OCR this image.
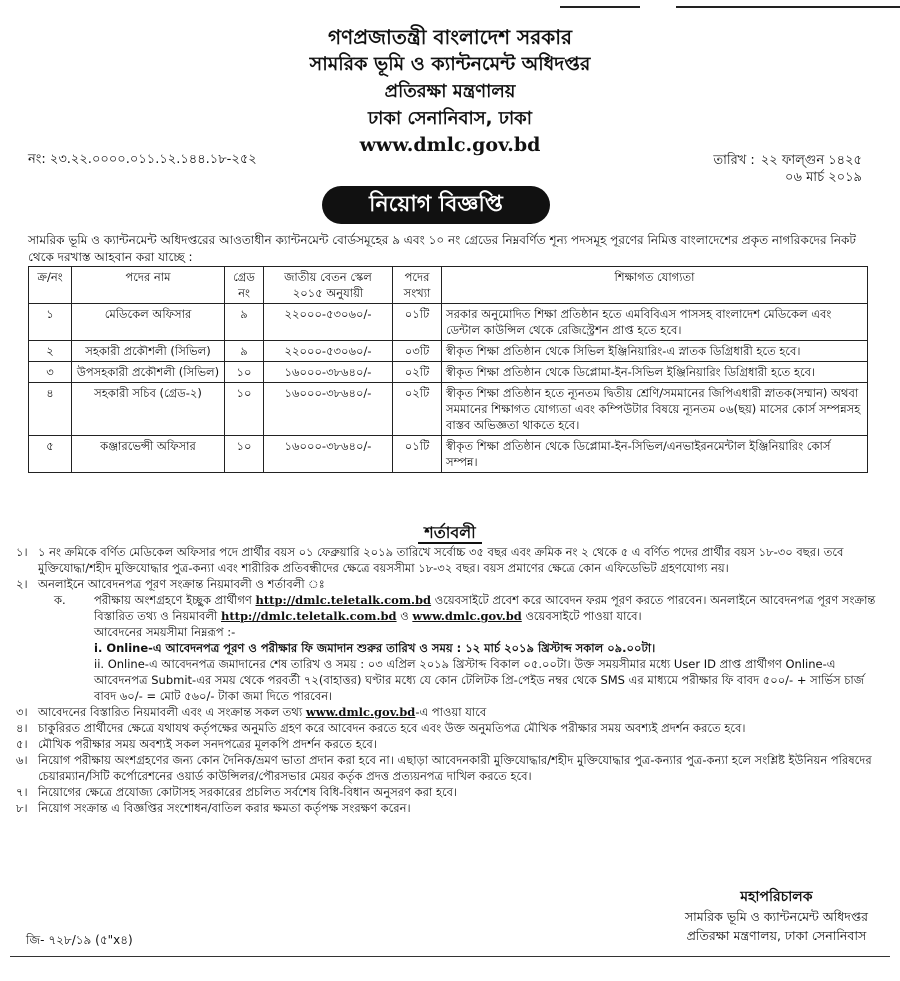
গণপ্রজাতন্ত্রী বাংলাদেশ সরকার
সামরিক ভূমি ও ক্যান্টনমেন্ট অধিদপ্তর
প্রতিরক্ষা মন্ত্রণালয়
ঢাকা সেনানিবাস, ঢাকা
www.dmlc.gov.bd
নং: ২৩.২২.০০০০.০১১.১২.১৪৪.১৮-২৫২	তারিখ : ২২ ফাল্গুন ১৪২৫
০৬ মার্চ ২০১৯
নিয়োগ বিজ্ঞপ্তি
সামরিক ভূমি ও ক্যান্টনমেন্ট অধিদপ্তরের আওতাধীন ক্যান্টনমেন্ট বোর্ডসমূহের ৯ এবং ১০ নং গ্রেডের নিম্নবর্ণিত শূন্য পদসমূহ পূরণের নিমিত্ত বাংলাদেশের প্রকৃত নাগরিকদের নিকট থেকে দরখাস্ত আহবান করা যাচ্ছে :
ক্র/নং	পদের নাম	গ্রেড নং	জাতীয় বেতন স্কেল ২০১৫ অনুযায়ী	পদের সংখ্যা	শিক্ষাগত যোগ্যতা
১	মেডিকেল অফিসার	৯	২২০০০-৫৩০৬০/-	০১টি	সরকার অনুমোদিত শিক্ষা প্রতিষ্ঠান হতে এমবিবিএস পাসসহ বাংলাদেশ মেডিকেল এবং ডেন্টাল কাউন্সিল থেকে রেজিস্ট্রেশন প্রাপ্ত হতে হবে।
২	সহকারী প্রকৌশলী (সিভিল)	৯	২২০০০-৫৩০৬০/-	০৩টি	স্বীকৃত শিক্ষা প্রতিষ্ঠান থেকে সিভিল ইঞ্জিনিয়ারিং-এ স্নাতক ডিগ্রিধারী হতে হবে।
৩	উপসহকারী প্রকৌশলী (সিভিল)	১০	১৬০০০-৩৮৬৪০/-	০২টি	স্বীকৃত শিক্ষা প্রতিষ্ঠান থেকে ডিপ্লোমা-ইন-সিভিল ইঞ্জিনিয়ারিং ডিগ্রিধারী হতে হবে।
৪	সহকারী সচিব (গ্রেড-২)	১০	১৬০০০-৩৮৬৪০/-	০২টি	স্বীকৃত শিক্ষা প্রতিষ্ঠান হতে ন্যূনতম দ্বিতীয় শ্রেণি/সমমানের জিপিএধারী স্নাতক(সম্মান) অথবা সমমানের শিক্ষাগত যোগ্যতা এবং কম্পিউটার বিষয়ে ন্যূনতম ০৬(ছয়) মাসের কোর্স সম্পন্নসহ বাস্তব অভিজ্ঞতা থাকতে হবে।
৫	কঞ্জারভেন্সী অফিসার	১০	১৬০০০-৩৮৬৪০/-	০১টি	স্বীকৃত শিক্ষা প্রতিষ্ঠান থেকে ডিপ্লোমা-ইন-সিভিল/এনভাইরনমেন্টাল ইঞ্জিনিয়ারিং কোর্স সম্পন্ন।
শর্তাবলী
১। ১ নং ক্রমিকে বর্ণিত মেডিকেল অফিসার পদে প্রার্থীর বয়স ০১ ফেব্রুয়ারি ২০১৯ তারিখে সর্বোচ্চ ৩৫ বছর এবং ক্রমিক নং ২ থেকে ৫ এ বর্ণিত পদের প্রার্থীর বয়স ১৮-৩০ বছর। তবে মুক্তিযোদ্ধা/শহীদ মুক্তিযোদ্ধার পুত্র-কন্যা এবং শারীরিক প্রতিবন্ধীদের ক্ষেত্রে বয়সসীমা ১৮-৩২ বছর। বয়স প্রমাণের ক্ষেত্রে কোন এফিডেভিট গ্রহণযোগ্য নয়।
২। অনলাইনে আবেদনপত্র পূরণ সংক্রান্ত নিয়মাবলী ও শর্তাবলী ঃ
ক.	পরীক্ষায় অংশগ্রহণে ইচ্ছুক প্রার্থীগণ http://dmlc.teletalk.com.bd ওয়েবসাইটে প্রবেশ করে আবেদন ফরম পূরণ করতে পারবেন। অনলাইনে আবেদনপত্র পূরণ সংক্রান্ত বিস্তারিত তথ্য ও নিয়মাবলী http://dmlc.teletalk.com.bd ও www.dmlc.gov.bd ওয়েবসাইটে পাওয়া যাবে।
আবেদনের সময়সীমা নিম্নরূপ :-
i. Online-এ আবেদনপত্র পূরণ ও পরীক্ষার ফি জমাদান শুরুর তারিখ ও সময় : ১২ মার্চ ২০১৯ খ্রিস্টাব্দ সকাল ০৯.০০টা।
ii. Online-এ আবেদনপত্র জমাদানের শেষ তারিখ ও সময় : ০৩ এপ্রিল ২০১৯ খ্রিস্টাব্দ বিকাল ০৫.০০টা। উক্ত সময়সীমার মধ্যে User ID প্রাপ্ত প্রার্থীগণ Online-এ আবেদনপত্র Submit-এর সময় থেকে পরবর্তী ৭২(বাহাত্তর) ঘণ্টার মধ্যে যে কোন টেলিটক প্রি-পেইড নম্বর থেকে SMS এর মাধ্যমে পরীক্ষার ফি বাবদ ৫০০/- + সার্ভিস চার্জ বাবদ ৬০/- = মোট ৫৬০/- টাকা জমা দিতে পারবেন।
৩। আবেদনের বিস্তারিত নিয়মাবলী এবং এ সংক্রান্ত সকল তথ্য www.dmlc.gov.bd-এ পাওয়া যাবে
৪। চাকুরিরত প্রার্থীদের ক্ষেত্রে যথাযথ কর্তৃপক্ষের অনুমতি গ্রহণ করে আবেদন করতে হবে এবং উক্ত অনুমতিপত্র মৌখিক পরীক্ষার সময় অবশ্যই প্রদর্শন করতে হবে।
৫। মৌখিক পরীক্ষার সময় অবশ্যই সকল সনদপত্রের মূলকপি প্রদর্শন করতে হবে।
৬। নিয়োগ পরীক্ষায় অংশগ্রহণের জন্য কোন দৈনিক/ভ্রমণ ভাতা প্রদান করা হবে না। এছাড়া আবেদনকারী মুক্তিযোদ্ধার/শহীদ মুক্তিযোদ্ধার পুত্র-কন্যার পুত্র-কন্যা হলে সংশ্লিষ্ট ইউনিয়ন পরিষদের চেয়ারম্যান/সিটি কর্পোরেশনের ওয়ার্ড কাউন্সিলর/পৌরসভার মেয়র কর্তৃক প্রদত্ত প্রত্যয়নপত্র দাখিল করতে হবে।
৭। নিয়োগের ক্ষেত্রে প্রযোজ্য কোটাসহ সরকারের প্রচলিত সর্বশেষ বিধি-বিধান অনুসরণ করা হবে।
৮। নিয়োগ সংক্রান্ত এ বিজ্ঞপ্তির সংশোধন/বাতিল করার ক্ষমতা কর্তৃপক্ষ সংরক্ষণ করেন।
মহাপরিচালক
সামরিক ভূমি ও ক্যান্টনমেন্ট অধিদপ্তর
প্রতিরক্ষা মন্ত্রণালয়, ঢাকা সেনানিবাস
জি- ৭২৮/১৯ (৫"x৪)
